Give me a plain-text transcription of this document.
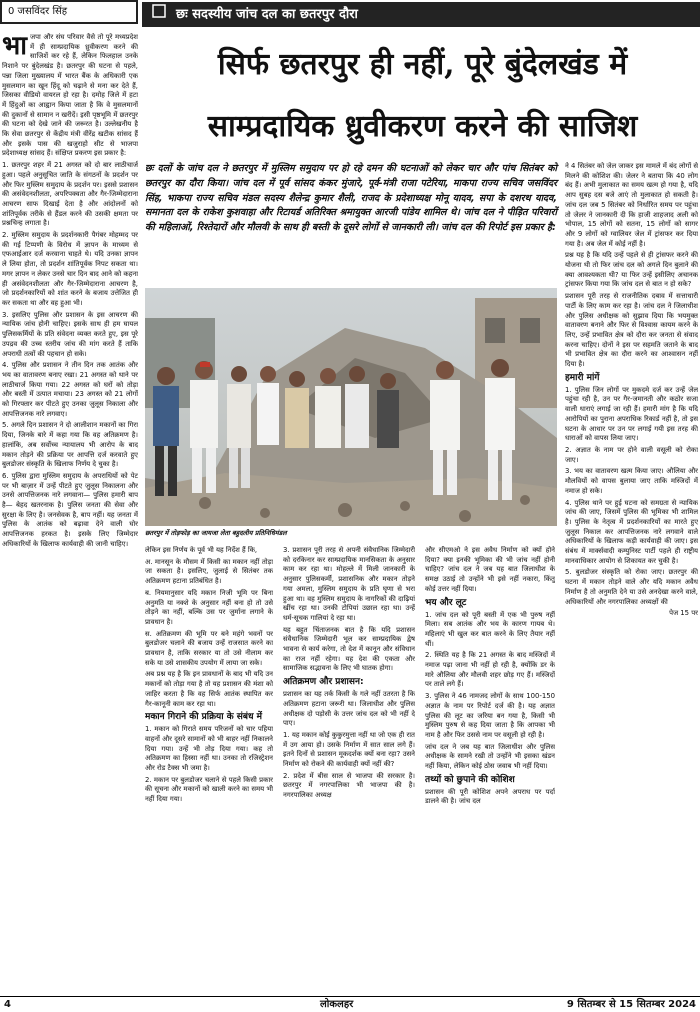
0 जसविंदर सिंह	छः सदस्यीय जांच दल का छतरपुर दौरा
सिर्फ छतरपुर ही नहीं, पूरे बुंदेलखंड में
साम्प्रदायिक ध्रुवीकरण करने की साजिश
छः दलों के जांच दल ने छतरपुर में मुस्लिम समुदाय पर हो रहे दमन की घटनाओं को लेकर चार और पांच सितंबर को छतरपुर का दौरा किया। जांच दल में पूर्व सांसद कंकर मुंजारे, पूर्व-मंत्री राजा पटेरिया, माकपा राज्य सचिव जसविंदर सिंह, भाकपा राज्य सचिव मंडल सदस्य शैलेन्द्र कुमार शैली, राजद के प्रदेशाध्यक्ष मोनू यादव, सपा के दशरथ यादव, समानता दल के राकेश कुशवाहा और रिटायर्ड अतिरिक्त श्रमायुक्त आरजी पांडेय शामिल थे। जांच दल ने पीड़ित परिवारों की महिलाओं, रिश्तेदारों और मौलवी के साथ ही बस्ती के दूसरे लोगों से जानकारी ली। जांच दल की रिपोर्ट इस प्रकार है:
छतरपुर में तोड़फोड़ का जायजा लेता बहुदलीय प्रतिनिधिमंडल
भा जपा और संघ परिवार वैसे तो पूरे मध्यप्रदेश में ही साम्प्रदायिक ध्रुवीकरण करने की साजिशें कर रहे हैं, लेकिन फिलहाल उनके निशाने पर बुंदेलखंड है। छतरपुर की घटना से पहले, पन्ना जिला मुख्यालय में भारत बैंक के अधिकारी एक मुसलमान का खून हिंदू को चढ़ाने से मना कर देते हैं, जिसका वीडियो वायरल हो रहा है। दमोह जिले में हटा में हिंदुओं का आह्वान किया जाता है कि वे मुसलमानों की दुकानों से सामान न खरीदें। इसी पृष्ठभूमि में छतरपुर की घटना को देखे जाने की जरूरत है। उल्लेखनीय है कि सेवा छतरपुर से केंद्रीय मंत्री वीरेंद्र खटीक सांसद हैं और इसके पास की खजुराहो सीट से भाजपा प्रदेशाध्यक्ष सांसद हैं। संक्षिप्त प्रकरण इस प्रकार है:

1. छतरपुर शहर में 21 अगस्त को दो बार लाठीचार्ज हुआ। पहले अनुसूचित जाति के संगठनों के प्रदर्शन पर और फिर मुस्लिम समुदाय के प्रदर्शन पर। इससे प्रशासन की असंवेदनशीलता, अपरिपक्वता और गैर-जिम्मेदाराना आचरण साफ दिखाई देता है और आंदोलनों को शांतिपूर्वक तरीके से हैंडल करने की उसकी क्षमता पर प्रश्नचिन्ह लगाता है।

2. मुस्लिम समुदाय के प्रदर्शनकारी पैगंबर मोहम्मद पर की गई टिप्पणी के विरोध में ज्ञापन के माध्यम से एफआईआर दर्ज करवाना चाहते थे। यदि उनका ज्ञापन ले लिया होता, तो प्रदर्शन शांतिपूर्वक निपट सकता था। मगर ज्ञापन न लेकर उनसे चार दिन बाद आने को कहना ही असंवेदनशीलता और गैर-जिम्मेदाराना आचरण है, जो प्रदर्शनकारियों को शांत करने के बजाय उत्तेजित ही कर सकता था और वह हुआ भी।

3. इसलिए पुलिस और प्रशासन के इस आचरण की न्यायिक जांच होनी चाहिए। इसके साथ ही हम घायल पुलिसकर्मियों के प्रति संवेदना व्यक्त करते हुए, इस पूरे उपद्रव की उच्च स्तरीय जांच की मांग करते हैं ताकि अपराधी तत्वों की पहचान हो सके।

4. पुलिस और प्रशासन ने तीन दिन तक आतंक और भय का वातावरण बनाए रखा। 21 अगस्त को थाने पर लाठीचार्ज किया गया। 22 अगस्त को घरों को तोड़ा और बस्ती में उत्पात मचाया। 23 अगस्त को 21 लोगों को गिरफ्तार कर पीटते हुए उनका जुलूस निकाला और आपत्तिजनक नारे लगवाए।

5. अगले दिन प्रशासन ने दो आलीशान मकानों का गिरा दिया, जिनके बारे में कहा गया कि वह अतिक्रमण है। हालांकि, अब सर्वोच्च न्यायालय भी आरोप के बाद मकान तोड़ने की प्रक्रिया पर आपत्ति दर्ज करवाते हुए बुलडोजर संस्कृति के खिलाफ निर्णय दे चुका है।

6. पुलिस द्वारा मुस्लिम समुदाय के अपराधियों को पेट पर भी बाज़ार में उन्हें पीटते हुए जुलूस निकालना और उनसे आपत्तिजनक नारे लगवाना— पुलिस हमारी बाप है— बेहद खतरनाक है। पुलिस जनता की सेवा और सुरक्षा के लिए है। जनसेवक है, बाप नहीं। यह जनता में पुलिस के आतंक को बढ़ावा देने वाली घोर आपत्तिजनक हरकत है। इसके लिए जिम्मेदार अधिकारियों के खिलाफ कार्यवाही की जानी चाहिए।

लेकिन इस निर्णय के पूर्व भी यह निर्देश हैं कि,

अ. मानसून के मौसम में किसी का मकान नहीं तोड़ा जा सकता है। इसलिए, जुलाई से सितंबर तक अतिक्रमण हटाना प्रतिबंधित है।

ब. नियमानुसार यदि मकान निजी भूमि पर बिना अनुमति या नक्शे के अनुसार नहीं बना हो तो उसे तोड़ने का नहीं, बल्कि उस पर जुर्माना लगाने के प्रावधान है।

स. अतिक्रमण की भूमि पर बने महंगे भवनों पर बुलडोजर चलाने की बजाय उन्हें राजसात करने का प्रावधान है, ताकि सरकार या तो उसे नीलाम कर सके या उसे शासकीय उपयोग में लाया जा सके।

अब प्रश्न यह है कि इन प्रावधानों के बाद भी यदि उन मकानों को तोड़ा गया है तो यह प्रशासन की मंशा को जाहिर करता है कि वह सिर्फ आतंक स्थापित कर गैर-कानूनी काम कर रहा था।

मकान गिराने की प्रक्रिया के संबंध में

1. मकान को गिराते समय परिजनों को चार पहिया वाहनों और दूसरे सामानों को भी बाहर नहीं निकालने दिया गया। उन्हें भी तोड़ दिया गया। कह तो अतिक्रमण का हिस्सा नहीं था। उनका तो रजिस्ट्रेशन और रोड टैक्स भी जमा है।

2. मकान पर बुलडोजर चलाने से पहले किसी प्रकार की सूचना और मकानों को खाली करने का समय भी नहीं दिया गया।

3. प्रशासन पूरी तरह से अपनी संवैधानिक जिम्मेदारी को दरकिनार कर साम्प्रदायिक मानसिकता के अनुसार काम कर रहा था। मोहल्ले में मिली जानकारी के अनुसार पुलिसकर्मी, प्रशासनिक और मकान तोड़ने गया अमला, मुस्लिम समुदाय के प्रति घृणा से भरा हुआ था। वह मुस्लिम समुदाय के नागरिकों की दाढ़ियां खींच रहा था। उनकी टोपियां उछाल रहा था। उन्हें धर्म-सूचक गालियां दे रहा था।

यह बहुत चिंताजनक बात है कि यदि प्रशासन संवैधानिक जिम्मेदारी भूल कर साम्प्रदायिक द्वेष भावना से कार्य करेगा, तो देश में कानून और संविधान का राज नहीं रहेगा। यह देश की एकता और सामाजिक सद्भावना के लिए भी घातक होगा।

अतिक्रमण और प्रशासन:

प्रशासन का यह तर्क किसी के गले नहीं उतरता है कि अतिक्रमण हटाना जरूरी था। जिलाधीश और पुलिस अधीक्षक दो पड़ोसी के उत्तर जांच दल को भी नहीं दे पाए।

1. यह मकान कोई कुकुरमुत्ता नहीं था जो एक ही रात में उग आया हो। उसके निर्माण में सात साल लगे हैं। इतने दिनों से प्रशासन मूकदर्शक क्यों बना रहा? उसने निर्माण को रोकने की कार्यवाही क्यों नहीं की?

2. प्रदेश में बीस साल से भाजपा की सरकार है। छतरपुर में नगरपालिका भी भाजपा की है। नगरपालिका अध्यक्ष

और सीएमओ ने इस अवैध निर्माण को क्यों होने दिया? क्या इनकी भूमिका की भी जांच नहीं होनी चाहिए? जांच दल ने जब यह बात जिलाधीश के समक्ष उठाई तो उन्होंने भी इसे नहीं नकारा, किंतु कोई उत्तर नहीं दिया।

भय और लूट

1. जांच दल को पूरी बस्ती में एक भी पुरुष नहीं मिला। सब आतंक और भय के कारण गायब थे। महिलाएं भी खुल कर बात करने के लिए तैयार नहीं थीं।

2. स्थिति यह है कि 21 अगस्त के बाद मस्जिदों में नमाज पढ़ा जाना भी नहीं हो रही है, क्योंकि डर के मारे औलिया और मौलवी शहर छोड़ गए हैं। मस्जिदों पर ताले लगे हैं।

3. पुलिस ने 46 नामजद लोगों के साथ 100-150 अज्ञात के नाम पर रिपोर्ट दर्ज की है। यह अज्ञात पुलिस की लूट का जरिया बन गया है, किसी भी मुस्लिम पुरुष से कह दिया जाता है कि आपका भी नाम है और फिर उससे नाम पर वसूली हो रही है।

जांच दल ने जब यह बात जिलाधीश और पुलिस अधीक्षक के सामने रखी तो उन्होंने भी इसका खंडन नहीं किया, लेकिन कोई ठोस जवाब भी नहीं दिया।

तथ्यों को छुपाने की कोशिश

प्रशासन की पूरी कोशिश अपने अपराध पर पर्दा डालने की है। जांच दल

ने 4 सितंबर को जेल जाकर इस मामले में बंद लोगों से मिलने की कोशिश की। जेलर ने बताया कि 40 लोग बंद हैं। अभी मुलाकात का समय खत्म हो गया है, यदि आप सुबह दस बजे आएं तो मुलाकात हो सकती है। जांच दल जब 5 सितंबर को निर्धारित समय पर पहुंचा तो जेलर ने जानकारी दी कि हाजी शाहजाद अली को भोपाल, 15 लोगों को सतना, 15 लोगों को सागर और 9 लोगों को ग्वालियर जेल में ट्रांसफर कर दिया गया है। अब जेल में कोई नहीं है।

प्रश्न यह है कि यदि उन्हें पहले से ही ट्रांसफर करने की योजना थी तो फिर जांच दल को अगले दिन बुलाने की क्या आवश्यकता थी? या फिर उन्हें इसीलिए अचानक ट्रांसफर किया गया कि जांच दल से बात न हो सके?

प्रशासन पूरी तरह से राजनीतिक दबाव में सत्ताधारी पार्टी के लिए काम कर रहा है। जांच दल ने जिलाधीश और पुलिस अधीक्षक को सुझाव दिया कि भयमुक्त वातावरण बनाने और फिर से विश्वास कायम करने के लिए, उन्हें प्रभावित क्षेत्र को दौरा कर जनता से संवाद करना चाहिए। दोनों ने इस पर सहमति जताने के बाद भी प्रभावित क्षेत्र का दौरा करने का आश्वासन नहीं दिया है।

हमारी मांगें

1. पुलिस जिन लोगों पर मुकदमे दर्ज कर उन्हें जेल पहुंचा रही है, उन पर गैर-जमानती और कठोर सजा वाली धाराएं लगाई जा रही हैं। हमारी मांग है कि यदि आरोपियों का पुराना अपराधिक रिकार्ड नहीं है, तो इस घटना के आधार पर उन पर लगाई गयी इस तरह की धाराओं को वापस लिया जाए।

2. अज्ञात के नाम पर होने वाली वसूली को रोका जाए।

3. भय का वातावरण खत्म किया जाए। औलिया और मौलवियों को वापस बुलाया जाए ताकि मस्जिदों में नमाज हो सके।

4. पुलिस थाने पर हुई घटना को समग्रता से न्यायिक जांच की जाए, जिसमें पुलिस की भूमिका भी शामिल है। पुलिस के नेतृत्व में प्रदर्शनकारियों का मारते हुए जुलूस निकाल कर आपत्तिजनक नारे लगवाने वाले अधिकारियों के खिलाफ कड़ी कार्यवाही की जाए। इस संबंध में मार्क्सवादी कम्युनिस्ट पार्टी पहले ही राष्ट्रीय मानवाधिकार आयोग से शिकायत कर चुकी है।

5. बुलडोजर संस्कृति को रोका जाए। छतरपुर की घटना में मकान तोड़ने वाले और यदि मकान अवैध निर्माण है तो अनुमति देने या उसे अनदेखा करने वाले, अधिकारियों और नगरपालिका अध्यक्षों की

पेज 15 पर

4	लोकलहर	9 सितम्बर से 15 सितम्बर 2024
